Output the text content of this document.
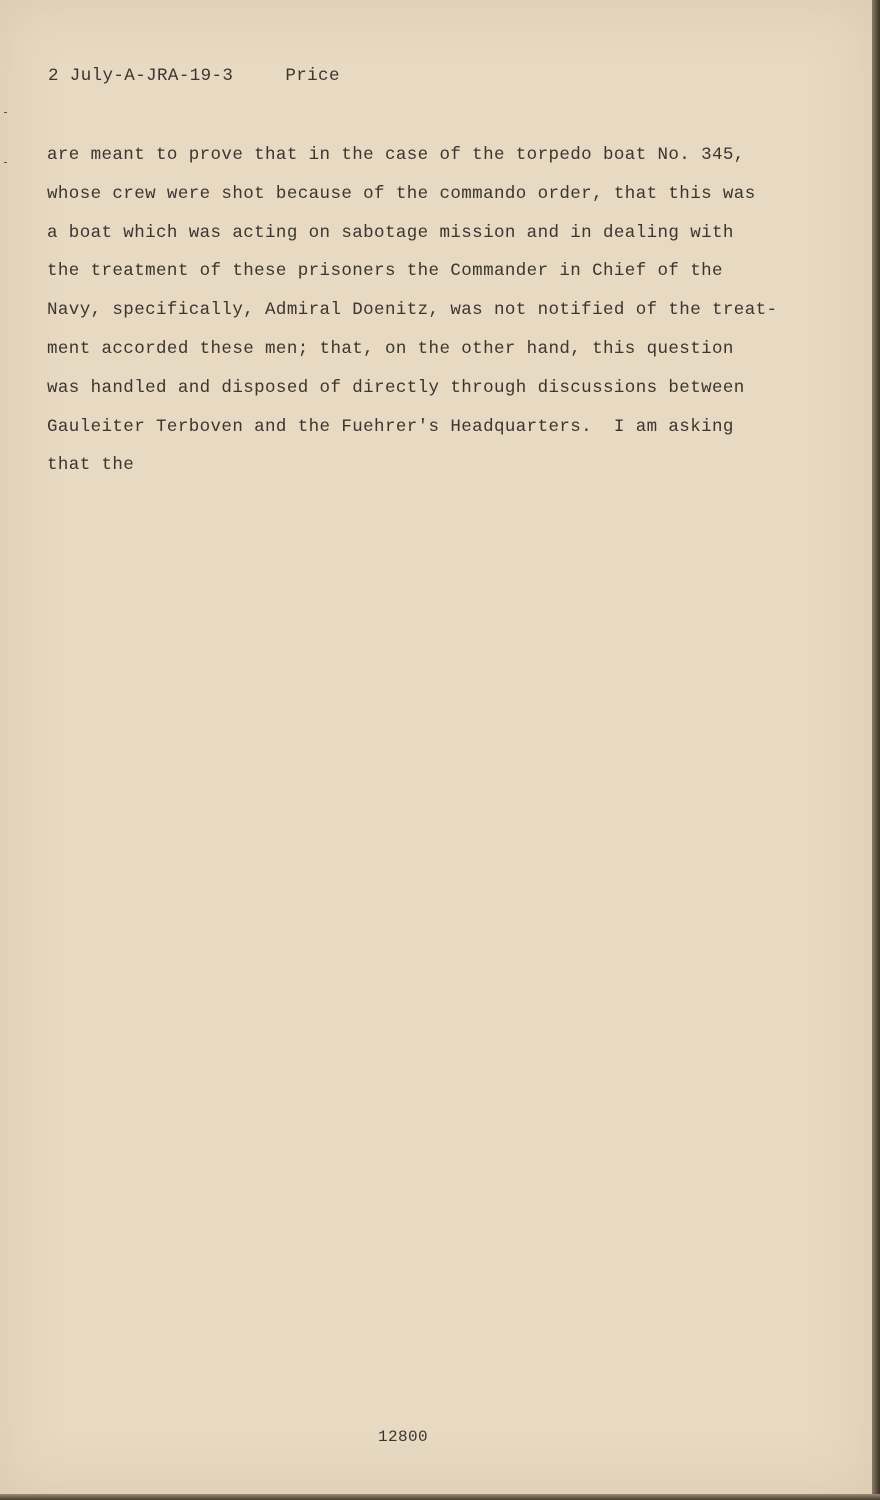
2 July-A-JRA-19-3	Price
are meant to prove that in the case of the torpedo boat No. 345,
whose crew were shot because of the commando order, that this was
a boat which was acting on sabotage mission and in dealing with
the treatment of these prisoners the Commander in Chief of the
Navy, specifically, Admiral Doenitz, was not notified of the treat-
ment accorded these men; that, on the other hand, this question
was handled and disposed of directly through discussions between
Gauleiter Terboven and the Fuehrer's Headquarters.  I am asking
that the
12800
